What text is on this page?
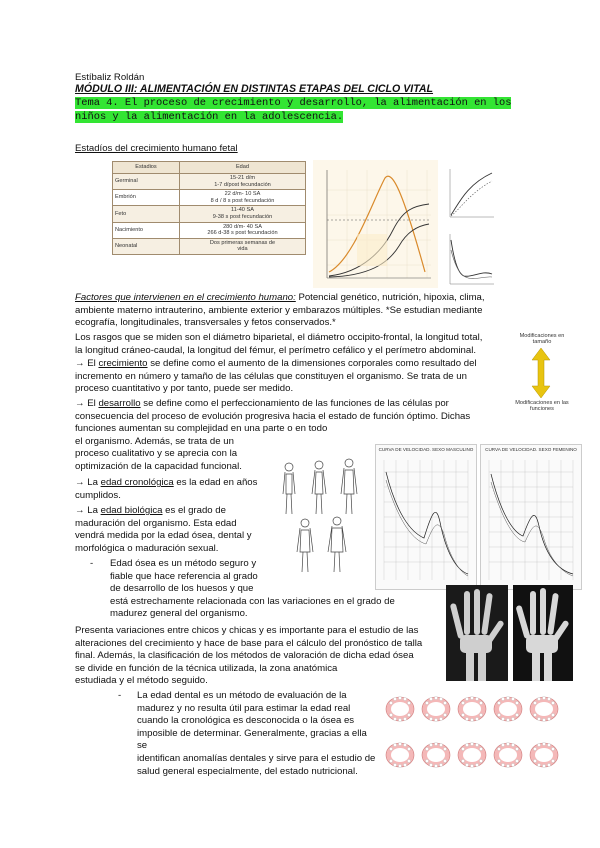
Estíbaliz Roldán
MÓDULO III: ALIMENTACIÓN EN DISTINTAS ETAPAS DEL CICLO VITAL
Tema 4. El proceso de crecimiento y desarrollo, la alimentación en los
niños y la alimentación en la adolescencia.
Estadíos del crecimiento humano fetal
Estadios	Edad
Germinal	15-21 d/m
1-7 d/post fecundación
Embrión	22 d/m- 10 SA
8 d / 8 s post fecundación
Feto	11-40 SA
9-38 s post fecundación
Nacimiento	280 d/m- 40 SA
266 d-38 s post fecundación
Neonatal	Dos primeras semanas de
vida
Modificaciones en tamaño
Modificaciones en las funciones
Factores que intervienen en el crecimiento humano: Potencial genético, nutrición, hipoxia, clima,
ambiente materno intrauterino, ambiente exterior y embarazos múltiples. *Se estudian mediante
ecografía, longitudinales, transversales y fetos conservados.*
Los rasgos que se miden son el diámetro biparietal, el diámetro occipito-frontal, la longitud total,
la longitud cráneo-caudal, la longitud del fémur, el perímetro cefálico y el perímetro abdominal.
→ El crecimiento se define como el aumento de la dimensiones corporales como resultado del
incremento en número y tamaño de las células que constituyen el organismo. Se trata de un
proceso cuantitativo y por tanto, puede ser medido.
→ El desarrollo se define como el perfeccionamiento de las funciones de las células por
consecuencia del proceso de evolución progresiva hacia el estado de función óptimo. Dichas
funciones aumentan su complejidad en una parte o en todo
el organismo. Además, se trata de un
proceso cualitativo y se aprecia con la
optimización de la capacidad funcional.
→ La edad cronológica es la edad en años
cumplidos.
→ La edad biológica es el grado de
maduración del organismo. Esta edad
vendrá medida por la edad ósea, dental y
morfológica o maduración sexual.
- Edad ósea es un método seguro y
fiable que hace referencia al grado
de desarrollo de los huesos y que
está estrechamente relacionada con las variaciones en el grado de
madurez general del organismo.
Presenta variaciones entre chicos y chicas y es importante para el estudio de las
alteraciones del crecimiento y hace de base para el cálculo del pronóstico de talla
final. Además, la clasificación de los métodos de valoración de dicha edad ósea
se divide en función de la técnica utilizada, la zona anatómica
estudiada y el método seguido.
- La edad dental es un método de evaluación de la
madurez y no resulta útil para estimar la edad real
cuando la cronológica es desconocida o la ósea es
imposible de determinar. Generalmente, gracias a ella se
identifican anomalías dentales y sirve para el estudio de
salud general especialmente, del estado nutricional.
CURVA DE VELOCIDAD. SEXO MASCULINO	CURVA DE VELOCIDAD. SEXO FEMENINO
